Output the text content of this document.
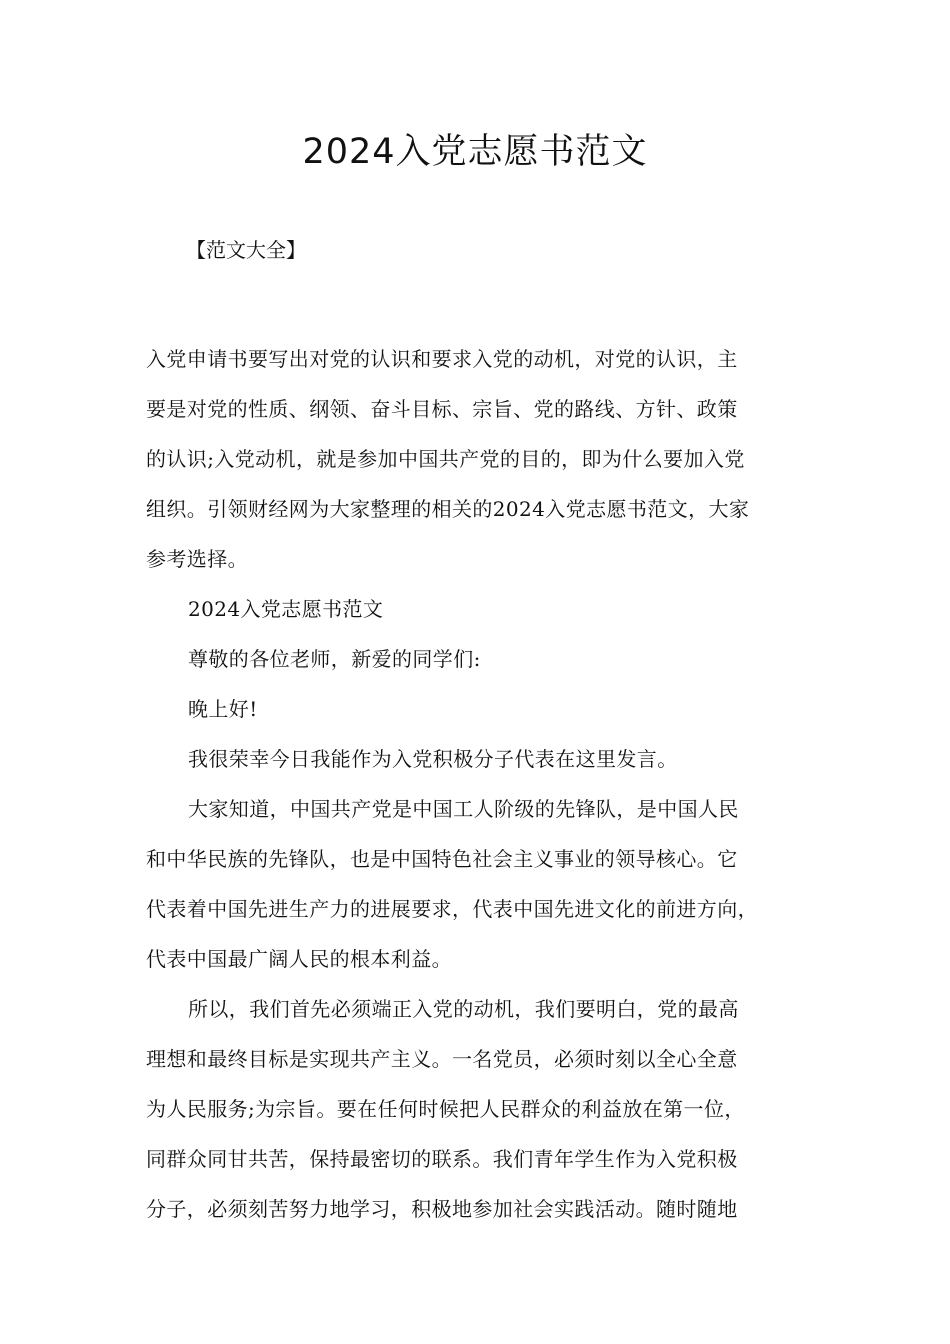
2024入党志愿书范文
【范文大全】
入党申请书要写出对党的认识和要求入党的动机，对党的认识，主
要是对党的性质、纲领、奋斗目标、宗旨、党的路线、方针、政策
的认识;入党动机，就是参加中国共产党的目的，即为什么要加入党
组织。引领财经网为大家整理的相关的2024入党志愿书范文，大家
参考选择。
2024入党志愿书范文
尊敬的各位老师，新爱的同学们:
晚上好!
我很荣幸今日我能作为入党积极分子代表在这里发言。
大家知道，中国共产党是中国工人阶级的先锋队，是中国人民
和中华民族的先锋队，也是中国特色社会主义事业的领导核心。它
代表着中国先进生产力的进展要求，代表中国先进文化的前进方向，
代表中国最广阔人民的根本利益。
所以，我们首先必须端正入党的动机，我们要明白，党的最高
理想和最终目标是实现共产主义。一名党员，必须时刻以全心全意
为人民服务;为宗旨。要在任何时候把人民群众的利益放在第一位，
同群众同甘共苦，保持最密切的联系。我们青年学生作为入党积极
分子，必须刻苦努力地学习，积极地参加社会实践活动。随时随地
